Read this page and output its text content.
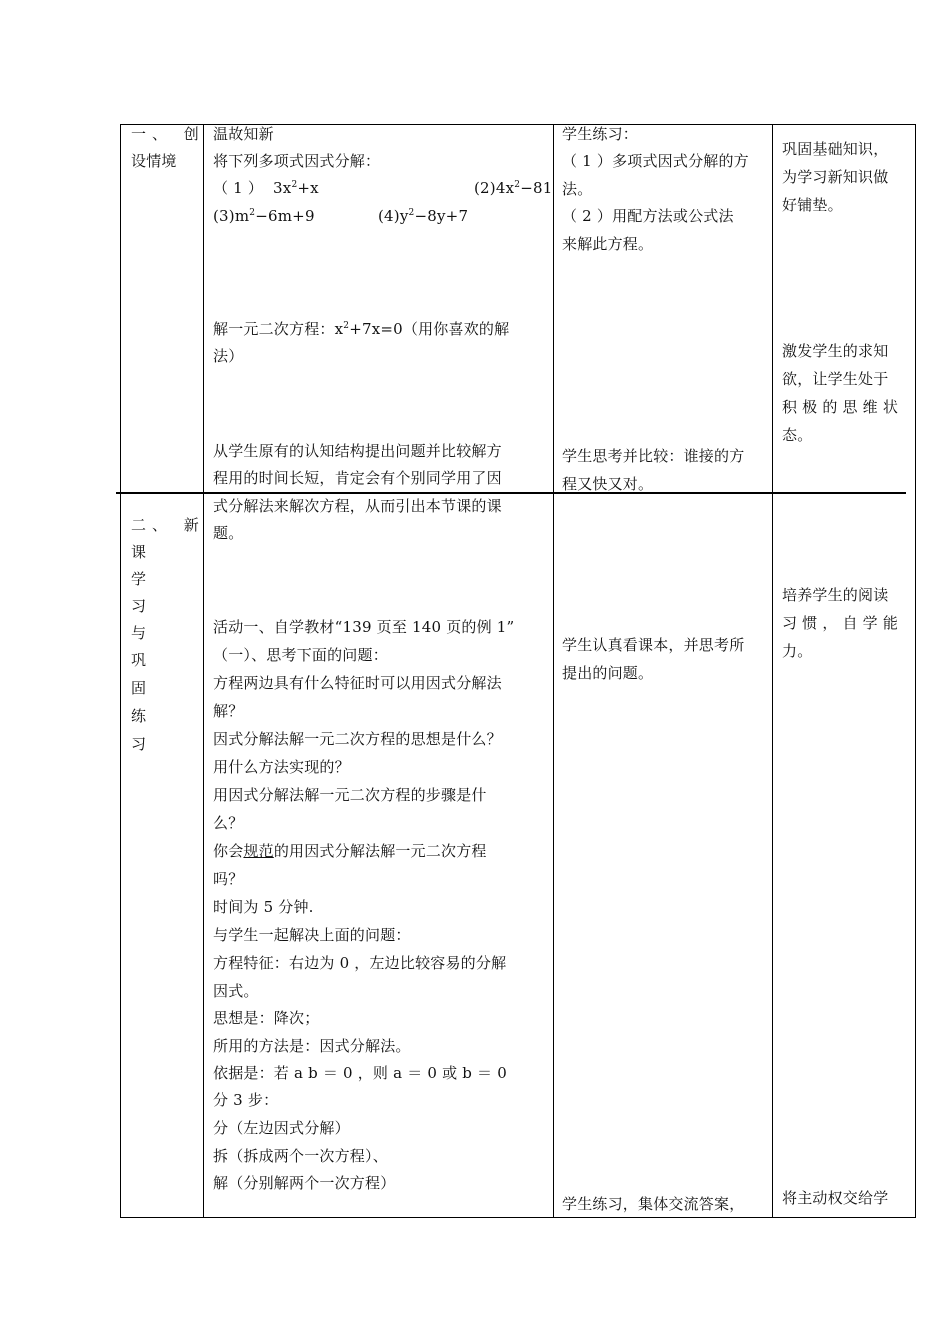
一、 创
设情境
温故知新
将下列多项式因式分解：
（ 1 ） $3x^2+x$	$(2)4x^2-81$
$(3)m^2-6m+9$	$(4)y^2-8y+7$
解一元二次方程：$x^2+7x=0$（用你喜欢的解
法）
从学生原有的认知结构提出问题并比较解方
程用的时间长短，肯定会有个别同学用了因
式分解法来解次方程，从而引出本节课的课
题。
学生练习：
（ 1 ）多项式因式分解的方
法。
（ 2 ）用配方法或公式法
来解此方程。
学生思考并比较：谁接的方
程又快又对。
巩固基础知识，
为学习新知识做
好铺垫。
激发学生的求知
欲，让学生处于
积 极 的 思 维 状
态。
二、 新
课
学
习
与
巩
固
练
习
活动一、自学教材“139 页至 140 页的例 1”
（一）、思考下面的问题：
方程两边具有什么特征时可以用因式分解法
解？
因式分解法解一元二次方程的思想是什么？
用什么方法实现的？
用因式分解法解一元二次方程的步骤是什
么？
你会规范的用因式分解法解一元二次方程
吗？
时间为 5 分钟.
与学生一起解决上面的问题：
方程特征：右边为 0 ，左边比较容易的分解
因式。
思想是：降次；
所用的方法是：因式分解法。
依据是：若 a b ＝ 0 ，则 a ＝ 0 或 b ＝ 0
分 3 步：
分（左边因式分解）
拆（拆成两个一次方程）、
解（分别解两个一次方程）
学生认真看课本，并思考所
提出的问题。
学生练习，集体交流答案，
培养学生的阅读
习 惯 ， 自 学 能
力。
将主动权交给学
